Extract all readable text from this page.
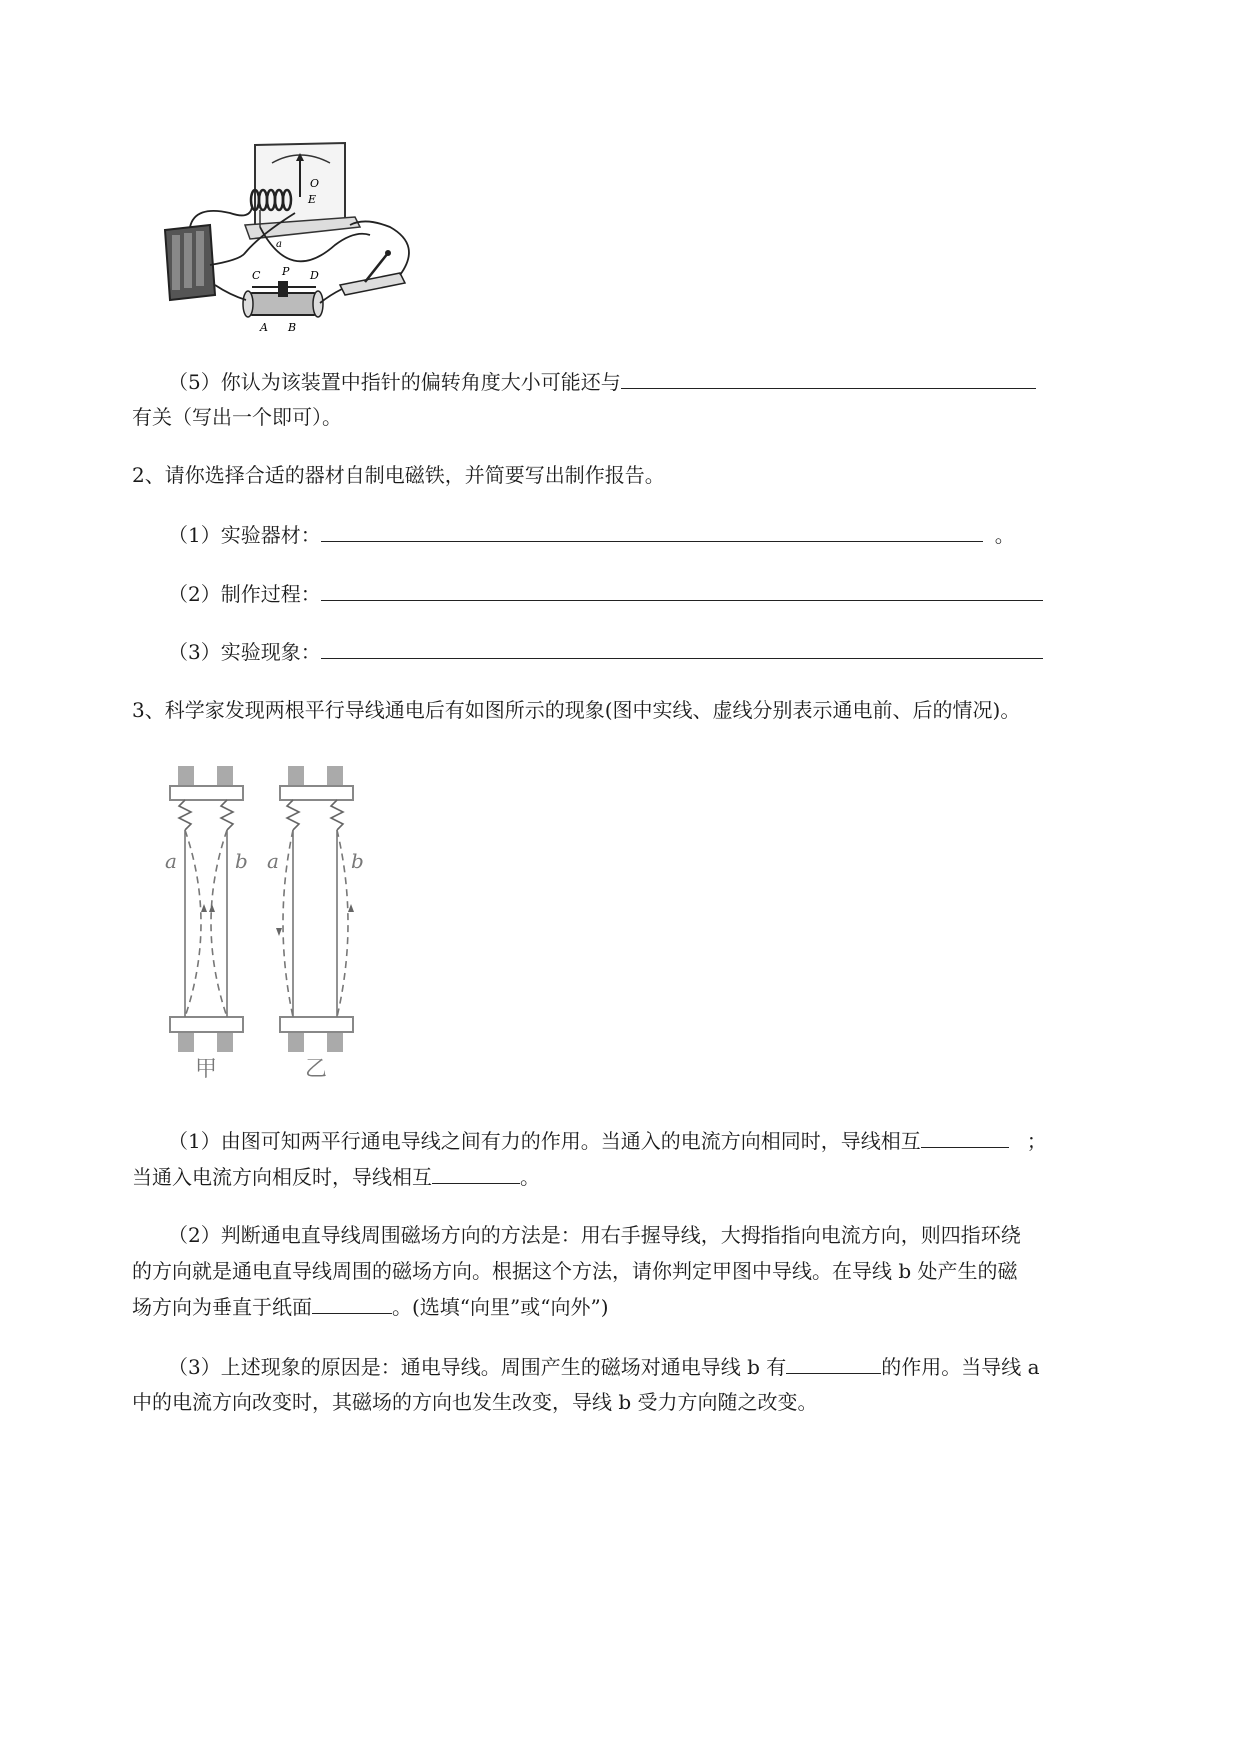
O
E
a
C P D
A B
（5）你认为该装置中指针的偏转角度大小可能还与
有关（写出一个即可）。
2、请你选择合适的器材自制电磁铁，并简要写出制作报告。
（1）实验器材：	。
（2）制作过程：
（3）实验现象：
3、科学家发现两根平行导线通电后有如图所示的现象(图中实线、虚线分别表示通电前、后的情况)。
a	b a	b
甲	乙
（1）由图可知两平行通电导线之间有力的作用。当通入的电流方向相同时，导线相互	；
当通入电流方向相反时，导线相互	。
（2）判断通电直导线周围磁场方向的方法是：用右手握导线，大拇指指向电流方向，则四指环绕
的方向就是通电直导线周围的磁场方向。根据这个方法，请你判定甲图中导线。在导线 b 处产生的磁
场方向为垂直于纸面	。(选填“向里”或“向外”)
（3）上述现象的原因是：通电导线。周围产生的磁场对通电导线 b 有	的作用。当导线 a
中的电流方向改变时，其磁场的方向也发生改变，导线 b 受力方向随之改变。
